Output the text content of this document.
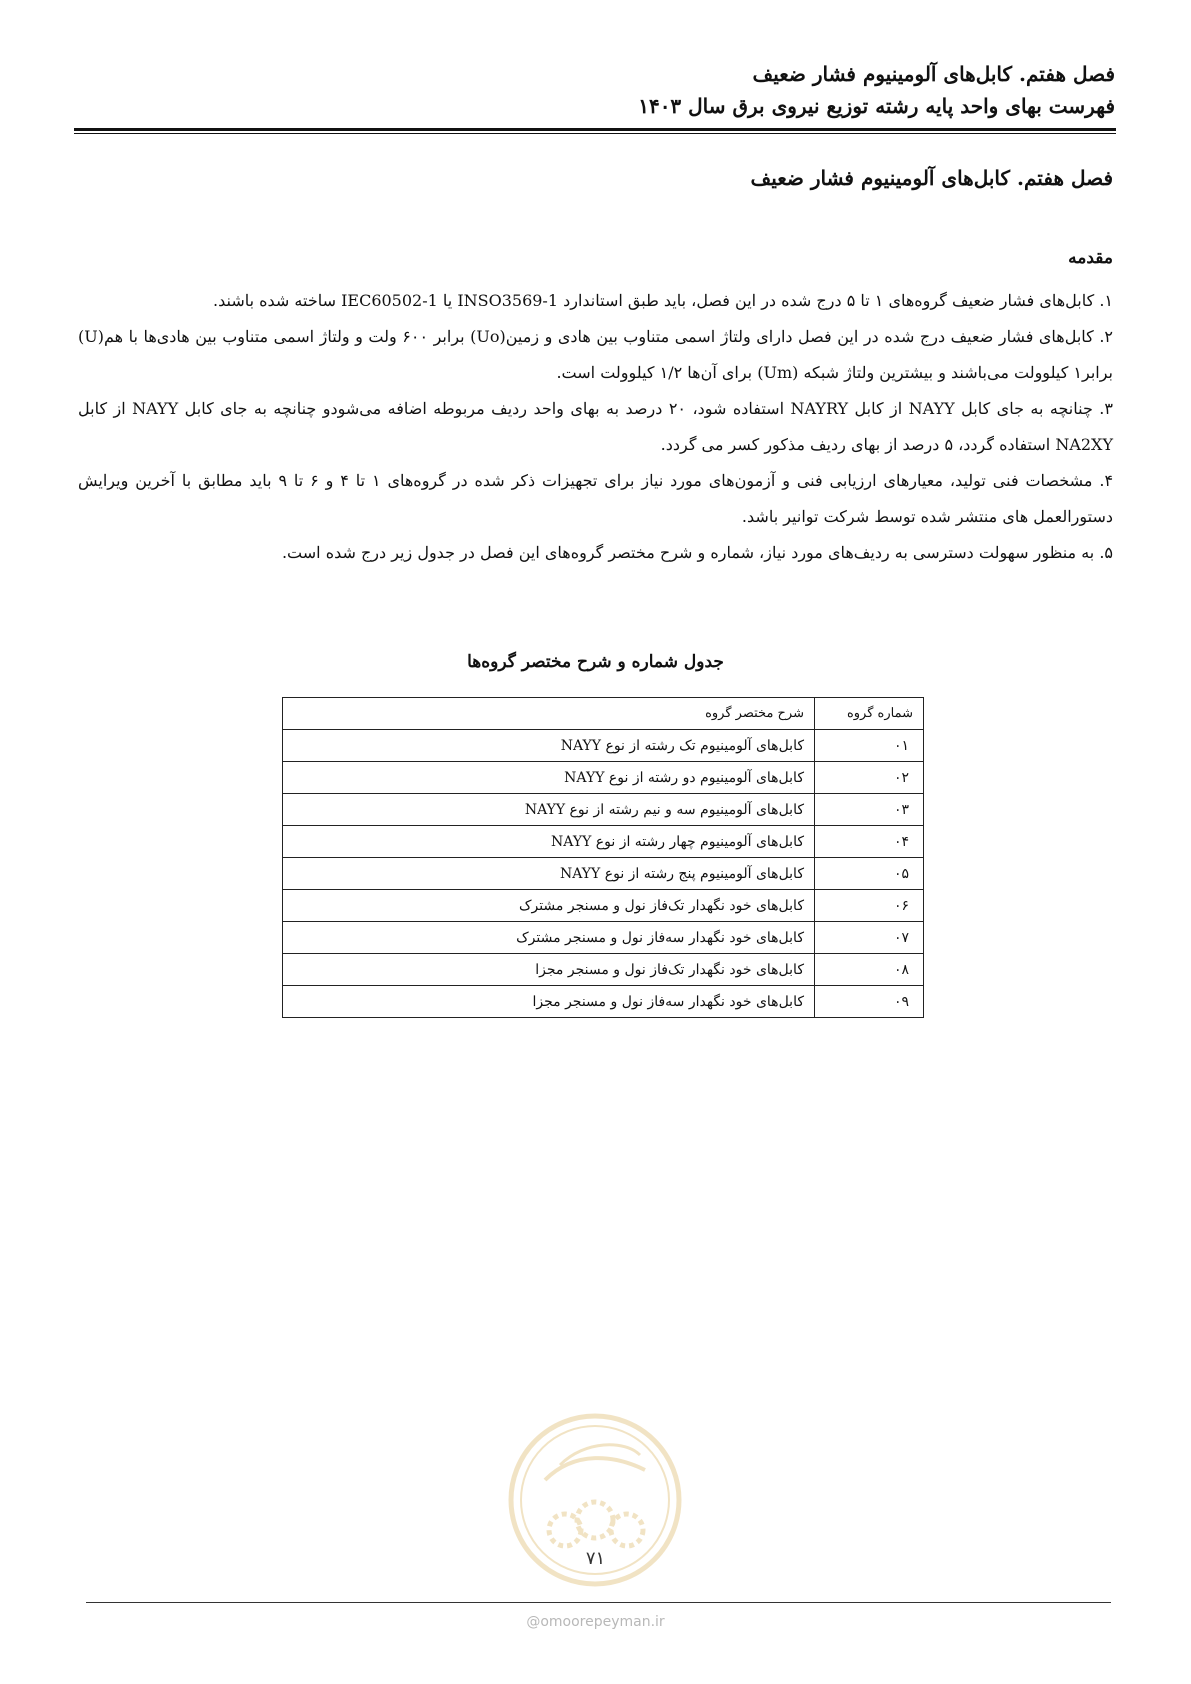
فصل هفتم. کابل‌های آلومینیوم فشار ضعیف
فهرست بهای واحد پایه رشته توزیع نیروی برق سال ۱۴۰۳
فصل هفتم. کابل‌های آلومینیوم فشار ضعیف
مقدمه

۱. کابل‌های فشار ضعیف گروه‌های ۱ تا ۵ درج شده در این فصل، باید طبق استاندارد INSO3569-1 یا IEC60502-1 ساخته شده باشند.

۲. کابل‌های فشار ضعیف درج شده در این فصل دارای ولتاژ اسمی متناوب بین هادی و زمین(Uo) برابر ۶۰۰ ولت و ولتاژ اسمی متناوب بین هادی‌ها با هم(U) برابر۱ کیلوولت می‌باشند و بیشترین ولتاژ شبکه (Um) برای آن‌ها ۱/۲ کیلوولت است.

۳. چنانچه به جای کابل NAYY از کابل NAYRY استفاده شود، ۲۰ درصد به بهای واحد ردیف مربوطه اضافه می‌شودو چنانچه به جای کابل NAYY از کابل NA2XY استفاده گردد، ۵ درصد از بهای ردیف مذکور کسر می گردد.

۴. مشخصات فنی تولید، معیارهای ارزیابی فنی و آزمون‌های مورد نیاز برای تجهیزات ذکر شده در گروه‌های ۱ تا ۴ و ۶ تا ۹ باید مطابق با آخرین ویرایش دستورالعمل های منتشر شده توسط شرکت توانیر باشد.

۵. به منظور سهولت دسترسی به ردیف‌های مورد نیاز، شماره و شرح مختصر گروه‌های این فصل در جدول زیر درج شده است.

جدول شماره و شرح مختصر گروه‌ها
شماره گروه	شرح مختصر گروه
۰۱	کابل‌های آلومینیوم تک رشته از نوع NAYY
۰۲	کابل‌های آلومینیوم دو رشته از نوع NAYY
۰۳	کابل‌های آلومینیوم سه و نیم رشته از نوع NAYY
۰۴	کابل‌های آلومینیوم چهار رشته از نوع NAYY
۰۵	کابل‌های آلومینیوم پنج رشته از نوع NAYY
۰۶	کابل‌های خود نگهدار تک‌فاز نول و مسنجر مشترک
۰۷	کابل‌های خود نگهدار سه‌فاز نول و مسنجر مشترک
۰۸	کابل‌های خود نگهدار تک‌فاز نول و مسنجر مجزا
۰۹	کابل‌های خود نگهدار سه‌فاز نول و مسنجر مجزا
۷۱
@omoorepeyman.ir
